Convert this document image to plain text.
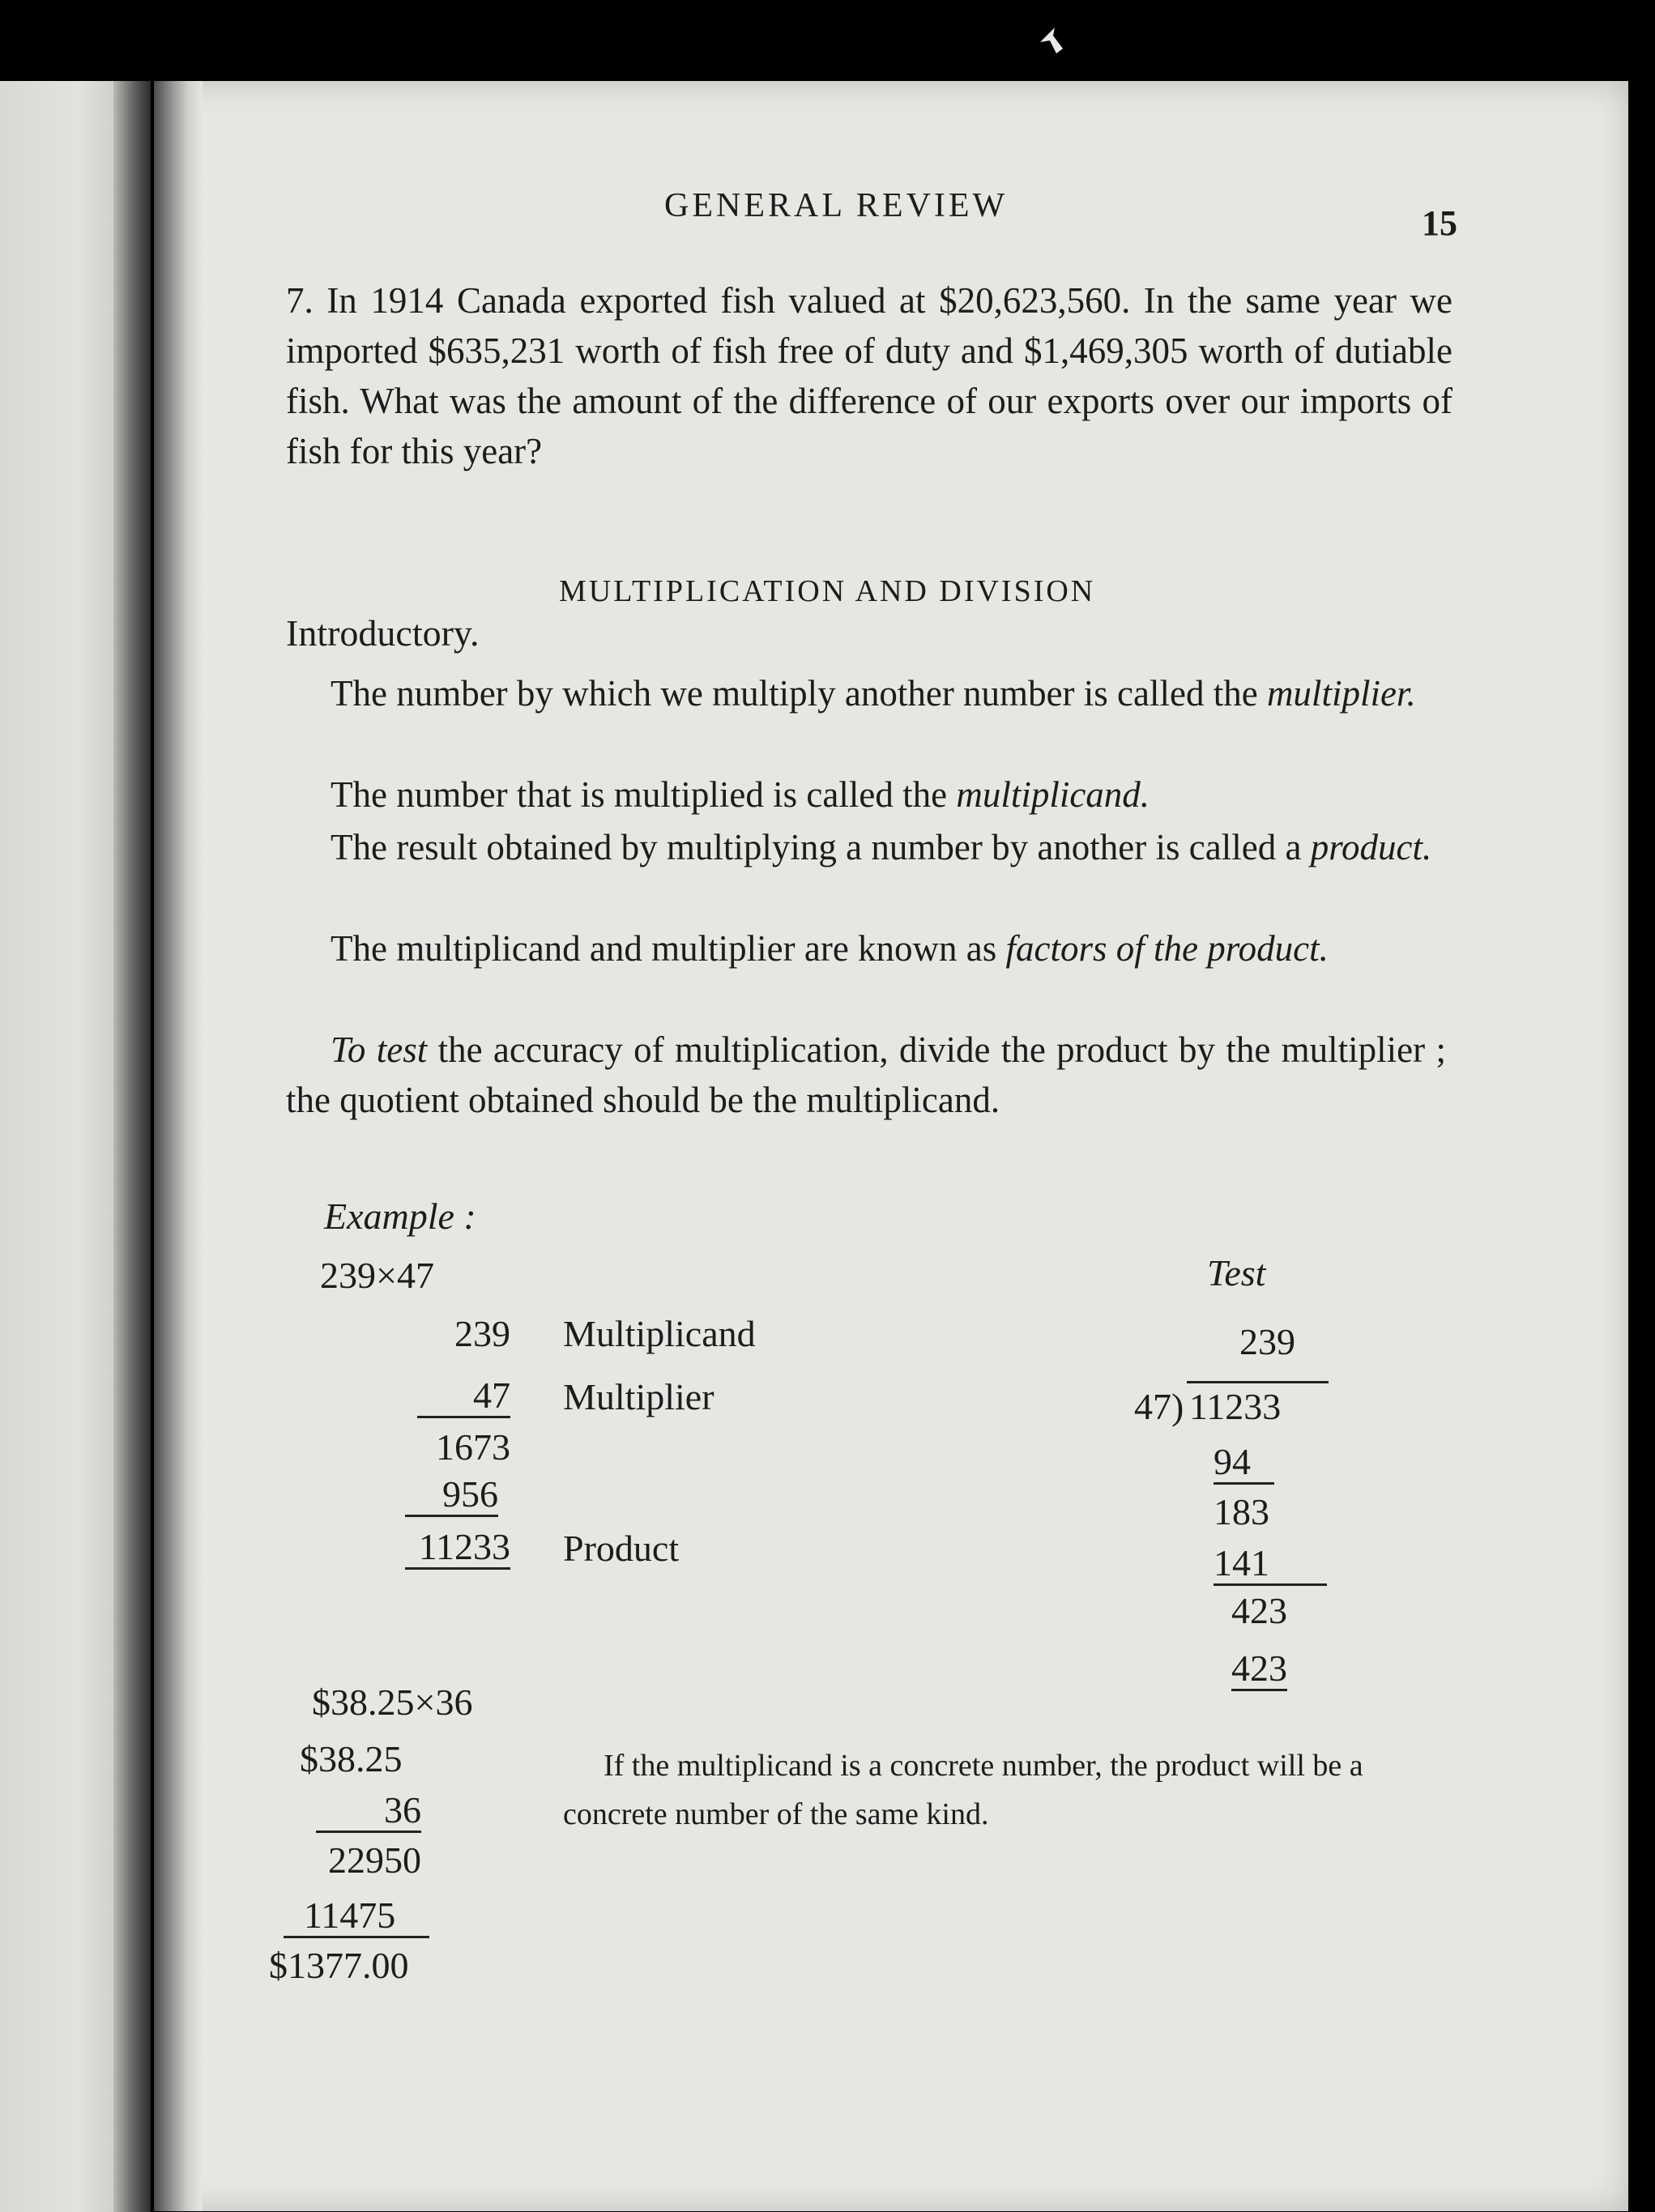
GENERAL REVIEW	15
7. In 1914 Canada exported fish valued at $20,623,560. In the same year we imported $635,231 worth of fish free of duty and $1,469,305 worth of dutiable fish. What was the amount of the difference of our exports over our imports of fish for this year?
MULTIPLICATION AND DIVISION
Introductory.
The number by which we multiply another number is called the multiplier.
The number that is multiplied is called the multiplicand.
The result obtained by multiplying a number by another is called a product.
The multiplicand and multiplier are known as factors of the product.
To test the accuracy of multiplication, divide the product by the multiplier ; the quotient obtained should be the multiplicand.
Example :
239×47
239 Multiplicand
47 Multiplier
1673
956
11233 Product
Test
239
47) 11233
94
183
141
423
423
$38.25×36
$38.25
36
22950
11475
$1377.00
If the multiplicand is a concrete number, the product will be a concrete number of the same kind.
